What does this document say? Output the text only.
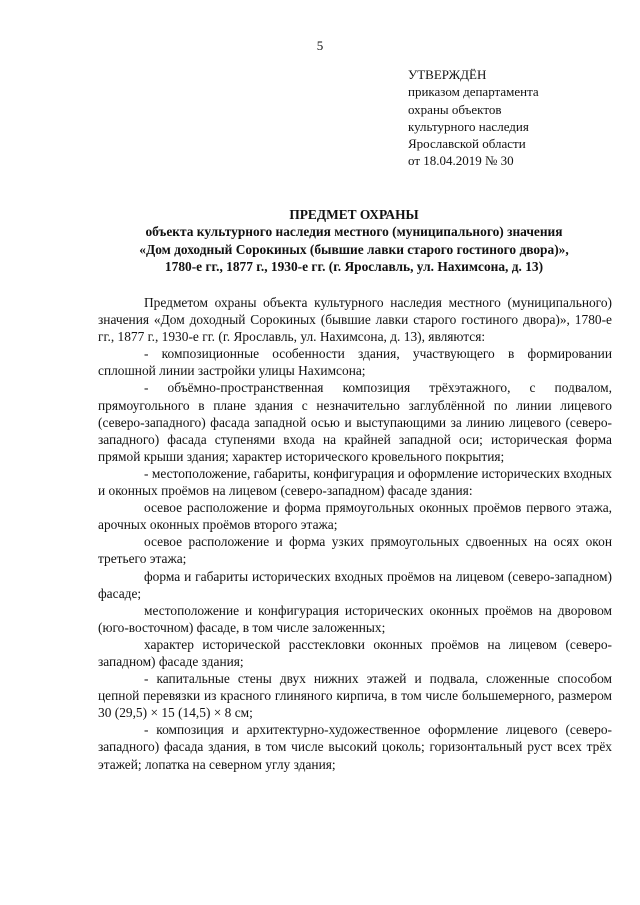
5
УТВЕРЖДЁН
приказом департамента
охраны объектов
культурного наследия
Ярославской области
от 18.04.2019 № 30
ПРЕДМЕТ ОХРАНЫ
объекта культурного наследия местного (муниципального) значения
«Дом доходный Сорокиных (бывшие лавки старого гостиного двора)»,
1780-е гг., 1877 г., 1930-е гг. (г. Ярославль, ул. Нахимсона, д. 13)

Предметом охраны объекта культурного наследия местного (муниципального) значения «Дом доходный Сорокиных (бывшие лавки старого гостиного двора)», 1780-е гг., 1877 г., 1930-е гг. (г. Ярославль, ул. Нахимсона, д. 13), являются:

- композиционные особенности здания, участвующего в формировании сплошной линии застройки улицы Нахимсона;

- объёмно-пространственная композиция трёхэтажного, с подвалом, прямоугольного в плане здания с незначительно заглублённой по линии лицевого (северо-западного) фасада западной осью и выступающими за линию лицевого (северо-западного) фасада ступенями входа на крайней западной оси; историческая форма прямой крыши здания; характер исторического кровельного покрытия;

- местоположение, габариты, конфигурация и оформление исторических входных и оконных проёмов на лицевом (северо-западном) фасаде здания:

осевое расположение и форма прямоугольных оконных проёмов первого этажа, арочных оконных проёмов второго этажа;

осевое расположение и форма узких прямоугольных сдвоенных на осях окон третьего этажа;

форма и габариты исторических входных проёмов на лицевом (северо-западном) фасаде;

местоположение и конфигурация исторических оконных проёмов на дворовом (юго-восточном) фасаде, в том числе заложенных;

характер исторической расстекловки оконных проёмов на лицевом (северо-западном) фасаде здания;

- капитальные стены двух нижних этажей и подвала, сложенные способом цепной перевязки из красного глиняного кирпича, в том числе большемерного, размером 30 (29,5) × 15 (14,5) × 8 см;

- композиция и архитектурно-художественное оформление лицевого (северо-западного) фасада здания, в том числе высокий цоколь; горизонтальный руст всех трёх этажей; лопатка на северном углу здания;
